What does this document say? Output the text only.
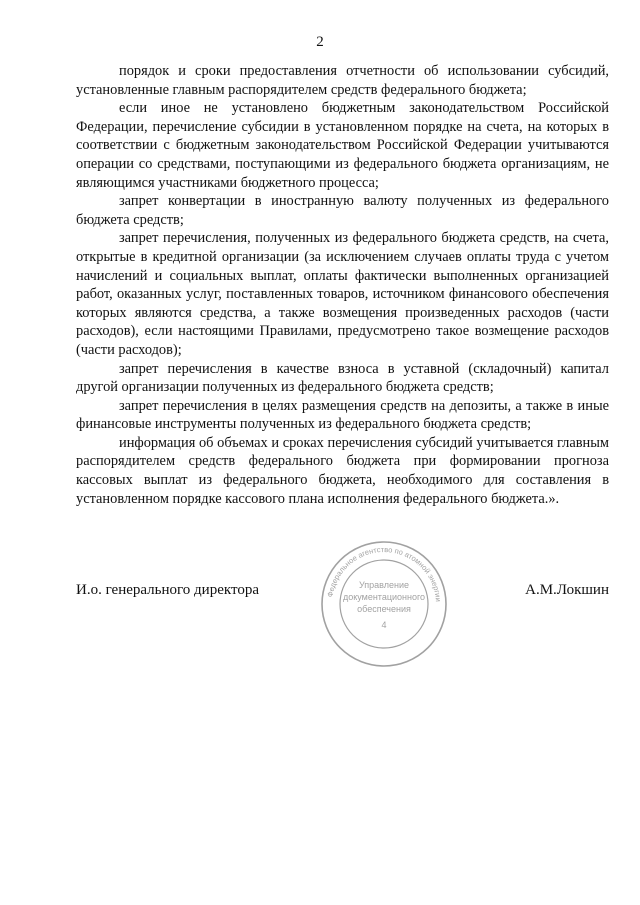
2

порядок и сроки предоставления отчетности об использовании субсидий, установленные главным распорядителем средств федерального бюджета;

если иное не установлено бюджетным законодательством Российской Федерации, перечисление субсидии в установленном порядке на счета, на которых в соответствии с бюджетным законодательством Российской Федерации учитываются операции со средствами, поступающими из федерального бюджета организациям, не являющимся участниками бюджетного процесса;

запрет конвертации в иностранную валюту полученных из федерального бюджета средств;

запрет перечисления, полученных из федерального бюджета средств, на счета, открытые в кредитной организации (за исключением случаев оплаты труда с учетом начислений и социальных выплат, оплаты фактически выполненных организацией работ, оказанных услуг, поставленных товаров, источником финансового обеспечения которых являются средства, а также возмещения произведенных расходов (части расходов), если настоящими Правилами, предусмотрено такое возмещение расходов (части расходов);

запрет перечисления в качестве взноса в уставной (складочный) капитал другой организации полученных из федерального бюджета средств;

запрет перечисления в целях размещения средств на депозиты, а также в иные финансовые инструменты полученных из федерального бюджета средств;

информация об объемах и сроках перечисления субсидий учитывается главным распорядителем средств федерального бюджета при формировании прогноза кассовых выплат из федерального бюджета, необходимого для составления в установленном порядке кассового плана исполнения федерального бюджета.».

И.о. генерального директора	А.М.Локшин
Федеральное агентство по атомной энергии
Управление
документационного
обеспечения
4
